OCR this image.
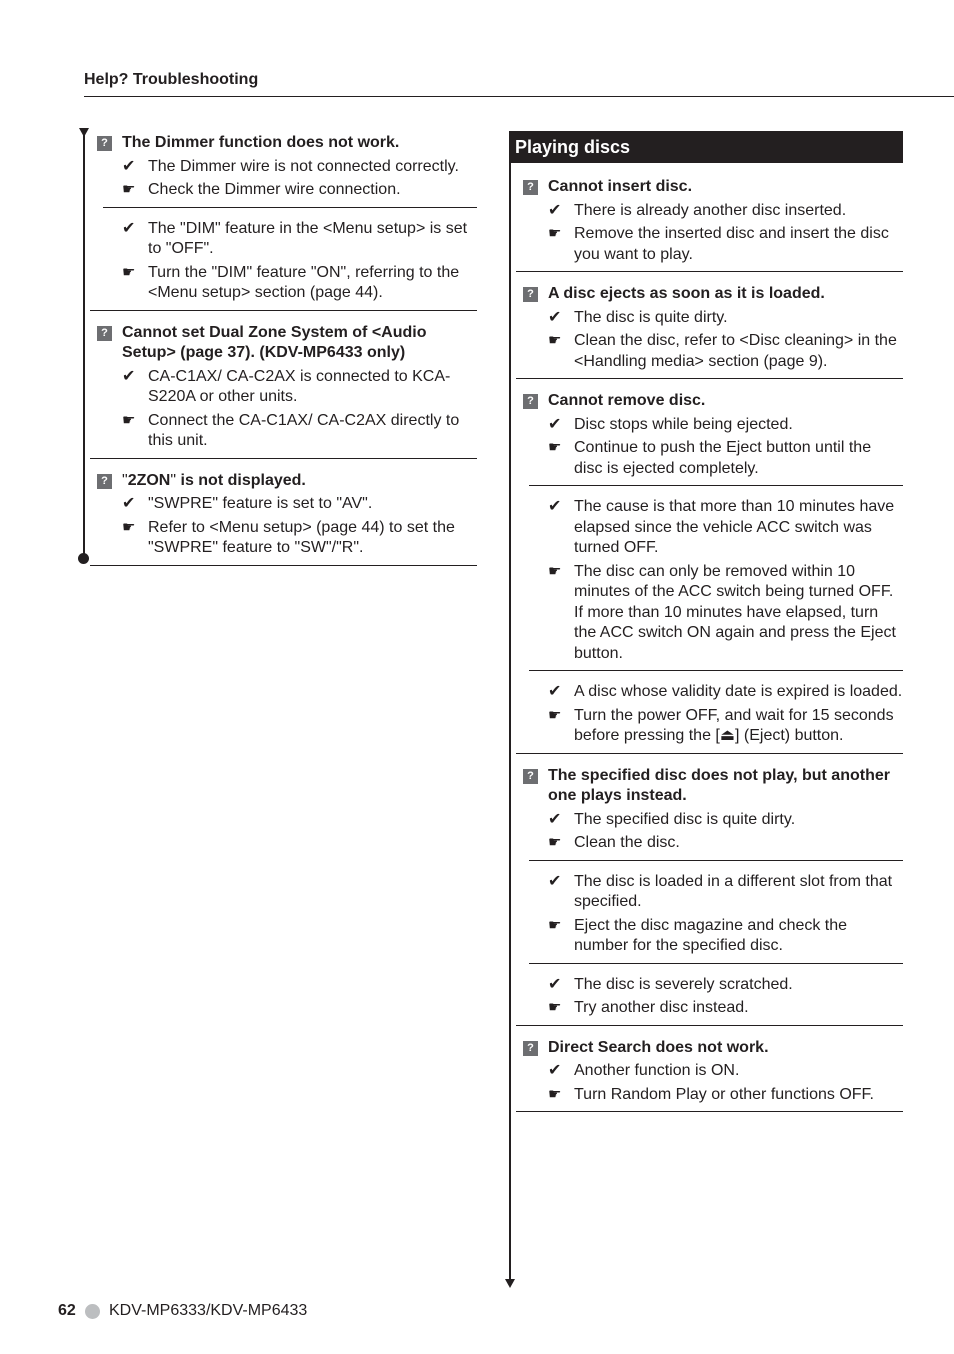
Help? Troubleshooting
? The Dimmer function does not work.
✔ The Dimmer wire is not connected correctly.
☛ Check the Dimmer wire connection.
✔ The "DIM" feature in the <Menu setup> is set to "OFF".
☛ Turn the "DIM" feature "ON", referring to the <Menu setup> section (page 44).
? Cannot set Dual Zone System of <Audio Setup> (page 37). (KDV-MP6433 only)
✔ CA-C1AX/ CA-C2AX is connected to KCA-S220A or other units.
☛ Connect the CA-C1AX/ CA-C2AX directly to this unit.
? "2ZON" is not displayed.
✔ "SWPRE" feature is set to "AV".
☛ Refer to <Menu setup> (page 44) to set the "SWPRE" feature to "SW"/"R".
Playing discs
? Cannot insert disc.
✔ There is already another disc inserted.
☛ Remove the inserted disc and insert the disc you want to play.
? A disc ejects as soon as it is loaded.
✔ The disc is quite dirty.
☛ Clean the disc, refer to <Disc cleaning> in the <Handling media> section (page 9).
? Cannot remove disc.
✔ Disc stops while being ejected.
☛ Continue to push the Eject button until the disc is ejected completely.
✔ The cause is that more than 10 minutes have elapsed since the vehicle ACC switch was turned OFF.
☛ The disc can only be removed within 10 minutes of the ACC switch being turned OFF. If more than 10 minutes have elapsed, turn the ACC switch ON again and press the Eject button.
✔ A disc whose validity date is expired is loaded.
☛ Turn the power OFF, and wait for 15 seconds before pressing the [⏏] (Eject) button.
? The specified disc does not play, but another one plays instead.
✔ The specified disc is quite dirty.
☛ Clean the disc.
✔ The disc is loaded in a different slot from that specified.
☛ Eject the disc magazine and check the number for the specified disc.
✔ The disc is severely scratched.
☛ Try another disc instead.
? Direct Search does not work.
✔ Another function is ON.
☛ Turn Random Play or other functions OFF.
62 KDV-MP6333/KDV-MP6433
